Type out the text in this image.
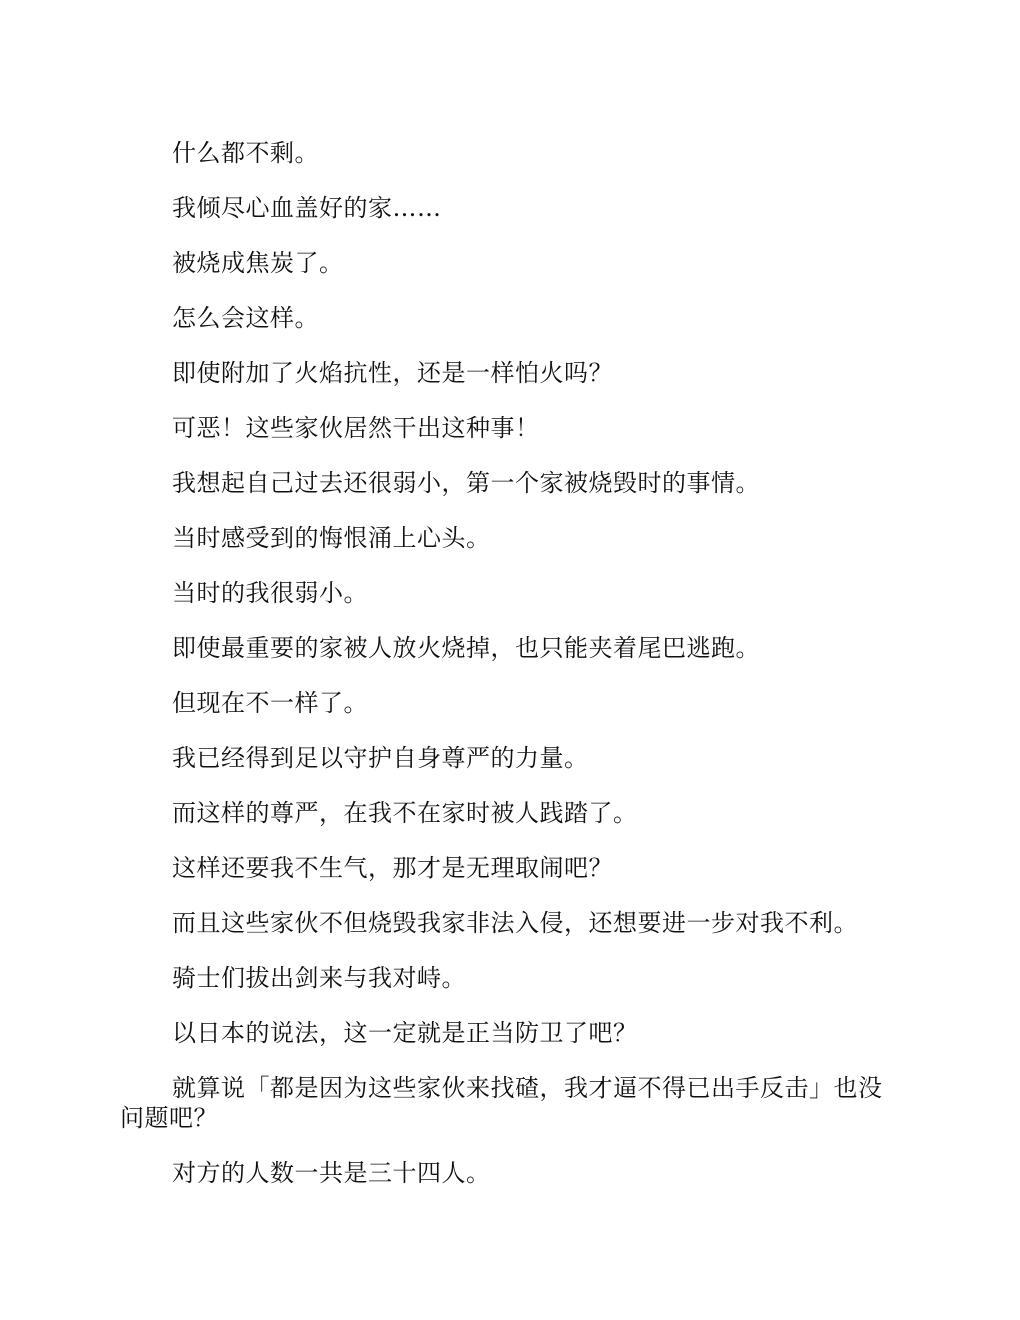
什么都不剩。

我倾尽心血盖好的家……

被烧成焦炭了。

怎么会这样。

即使附加了火焰抗性，还是一样怕火吗？

可恶！这些家伙居然干出这种事！

我想起自己过去还很弱小，第一个家被烧毁时的事情。

当时感受到的悔恨涌上心头。

当时的我很弱小。

即使最重要的家被人放火烧掉，也只能夹着尾巴逃跑。

但现在不一样了。

我已经得到足以守护自身尊严的力量。

而这样的尊严，在我不在家时被人践踏了。

这样还要我不生气，那才是无理取闹吧？

而且这些家伙不但烧毁我家非法入侵，还想要进一步对我不利。

骑士们拔出剑来与我对峙。

以日本的说法，这一定就是正当防卫了吧？

就算说「都是因为这些家伙来找碴，我才逼不得已出手反击」也没问题吧？

对方的人数一共是三十四人。
